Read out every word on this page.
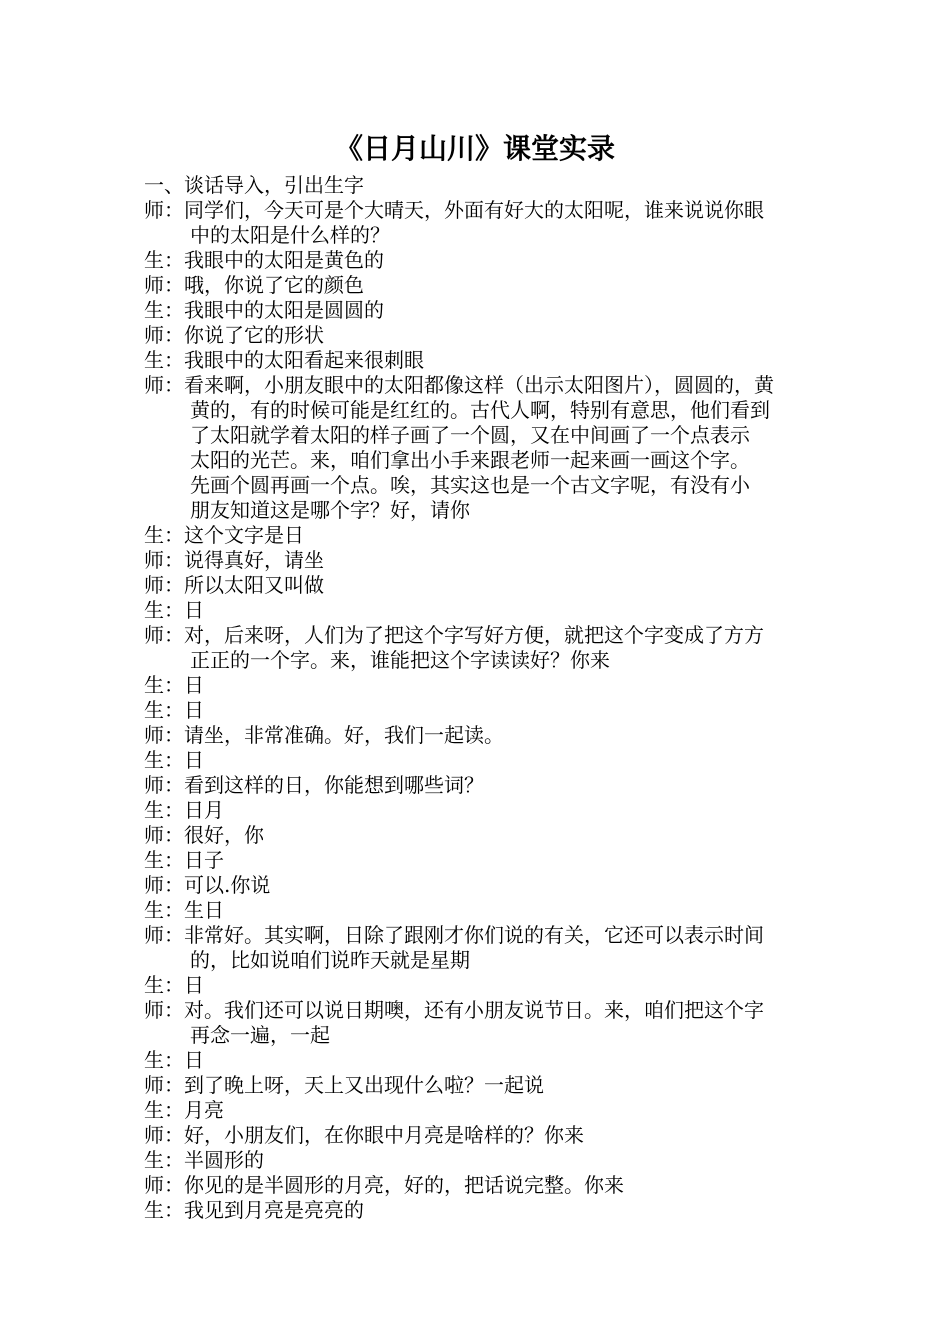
《日月山川》课堂实录
一、谈话导入，引出生字
师：同学们，今天可是个大晴天，外面有好大的太阳呢，谁来说说你眼
中的太阳是什么样的？
生：我眼中的太阳是黄色的
师：哦，你说了它的颜色
生：我眼中的太阳是圆圆的
师：你说了它的形状
生：我眼中的太阳看起来很刺眼
师：看来啊，小朋友眼中的太阳都像这样（出示太阳图片），圆圆的，黄
黄的，有的时候可能是红红的。古代人啊，特别有意思，他们看到
了太阳就学着太阳的样子画了一个圆，又在中间画了一个点表示
太阳的光芒。来，咱们拿出小手来跟老师一起来画一画这个字。
先画个圆再画一个点。唉，其实这也是一个古文字呢，有没有小
朋友知道这是哪个字？好，请你
生：这个文字是日
师：说得真好，请坐
师：所以太阳又叫做
生：日
师：对，后来呀，人们为了把这个字写好方便，就把这个字变成了方方
正正的一个字。来，谁能把这个字读读好？你来
生：日
生：日
师：请坐，非常准确。好，我们一起读。
生：日
师：看到这样的日，你能想到哪些词？
生：日月
师：很好，你
生：日子
师：可以.你说
生：生日
师：非常好。其实啊，日除了跟刚才你们说的有关，它还可以表示时间
的，比如说咱们说昨天就是星期
生：日
师：对。我们还可以说日期噢，还有小朋友说节日。来，咱们把这个字
再念一遍，一起
生：日
师：到了晚上呀，天上又出现什么啦？一起说
生：月亮
师：好，小朋友们，在你眼中月亮是啥样的？你来
生：半圆形的
师：你见的是半圆形的月亮，好的，把话说完整。你来
生：我见到月亮是亮亮的
